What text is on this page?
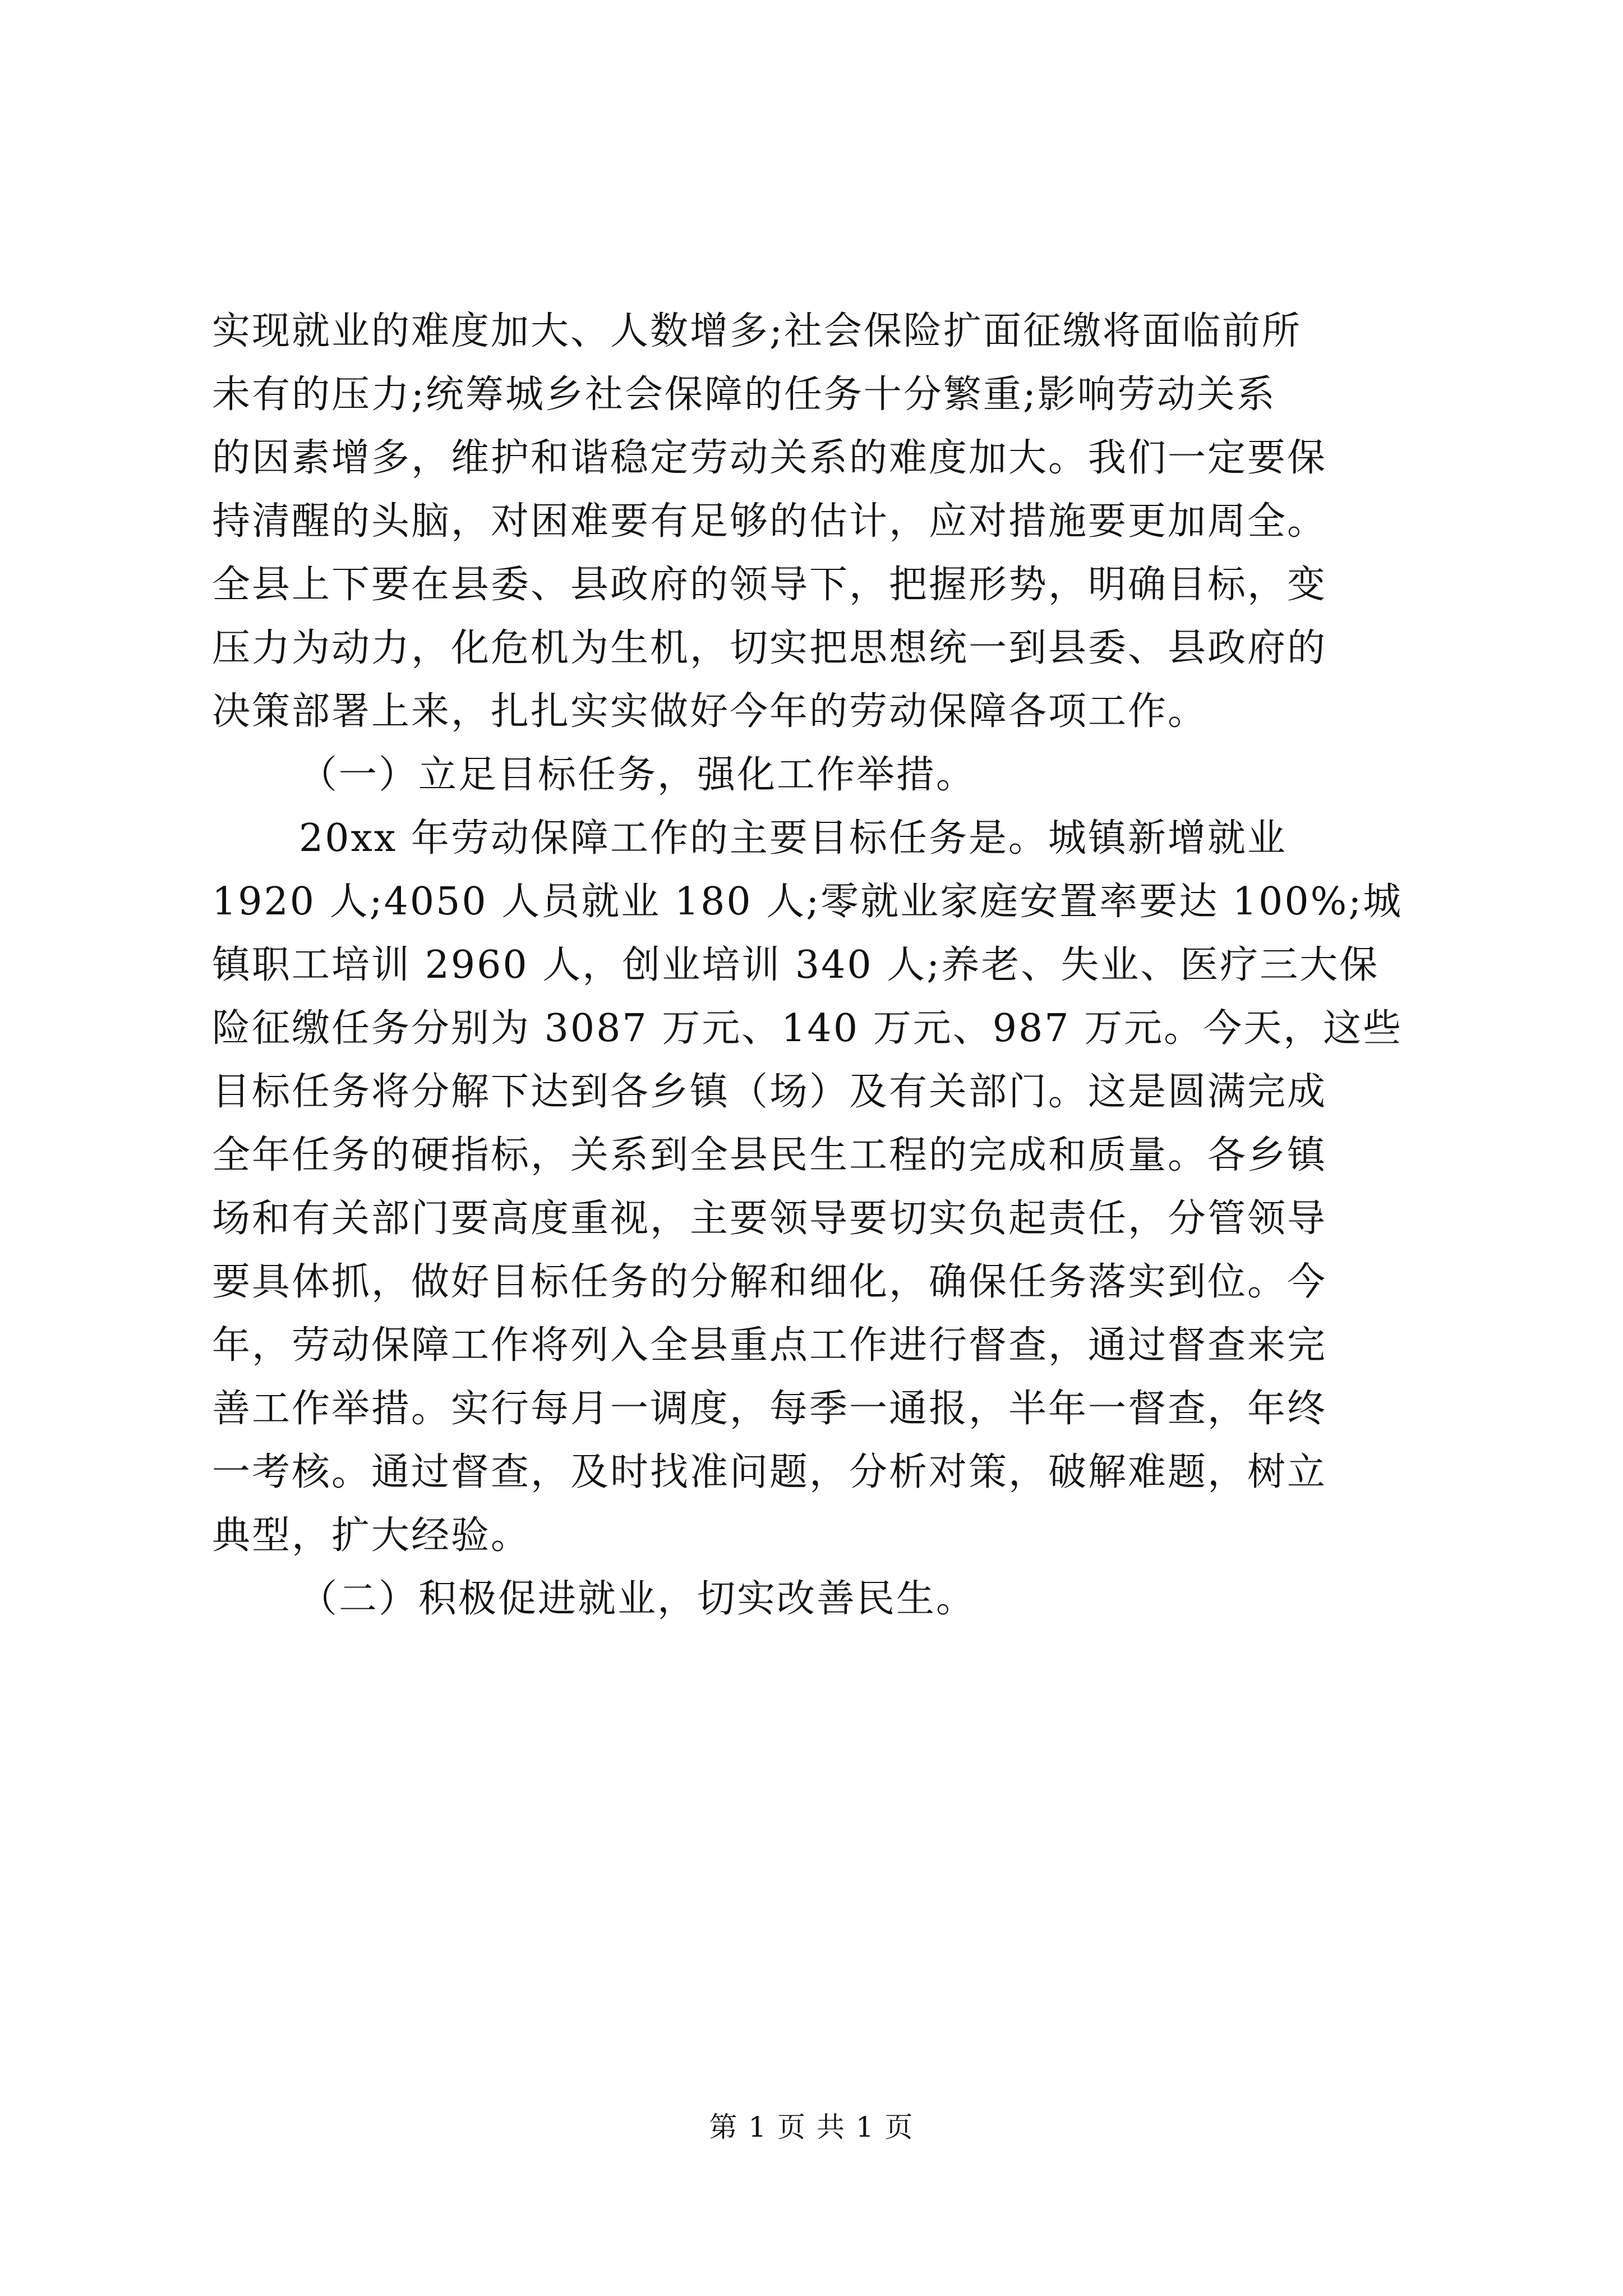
实现就业的难度加大、人数增多;社会保险扩面征缴将面临前所
未有的压力;统筹城乡社会保障的任务十分繁重;影响劳动关系
的因素增多，维护和谐稳定劳动关系的难度加大。我们一定要保
持清醒的头脑，对困难要有足够的估计，应对措施要更加周全。
全县上下要在县委、县政府的领导下，把握形势，明确目标，变
压力为动力，化危机为生机，切实把思想统一到县委、县政府的
决策部署上来，扎扎实实做好今年的劳动保障各项工作。
（一）立足目标任务，强化工作举措。
20xx 年劳动保障工作的主要目标任务是。城镇新增就业
1920 人;4050 人员就业 180 人;零就业家庭安置率要达 100%;城
镇职工培训 2960 人，创业培训 340 人;养老、失业、医疗三大保
险征缴任务分别为 3087 万元、140 万元、987 万元。今天，这些
目标任务将分解下达到各乡镇（场）及有关部门。这是圆满完成
全年任务的硬指标，关系到全县民生工程的完成和质量。各乡镇
场和有关部门要高度重视，主要领导要切实负起责任，分管领导
要具体抓，做好目标任务的分解和细化，确保任务落实到位。今
年，劳动保障工作将列入全县重点工作进行督查，通过督查来完
善工作举措。实行每月一调度，每季一通报，半年一督查，年终
一考核。通过督查，及时找准问题，分析对策，破解难题，树立
典型，扩大经验。
（二）积极促进就业，切实改善民生。
第 1 页 共 1 页
